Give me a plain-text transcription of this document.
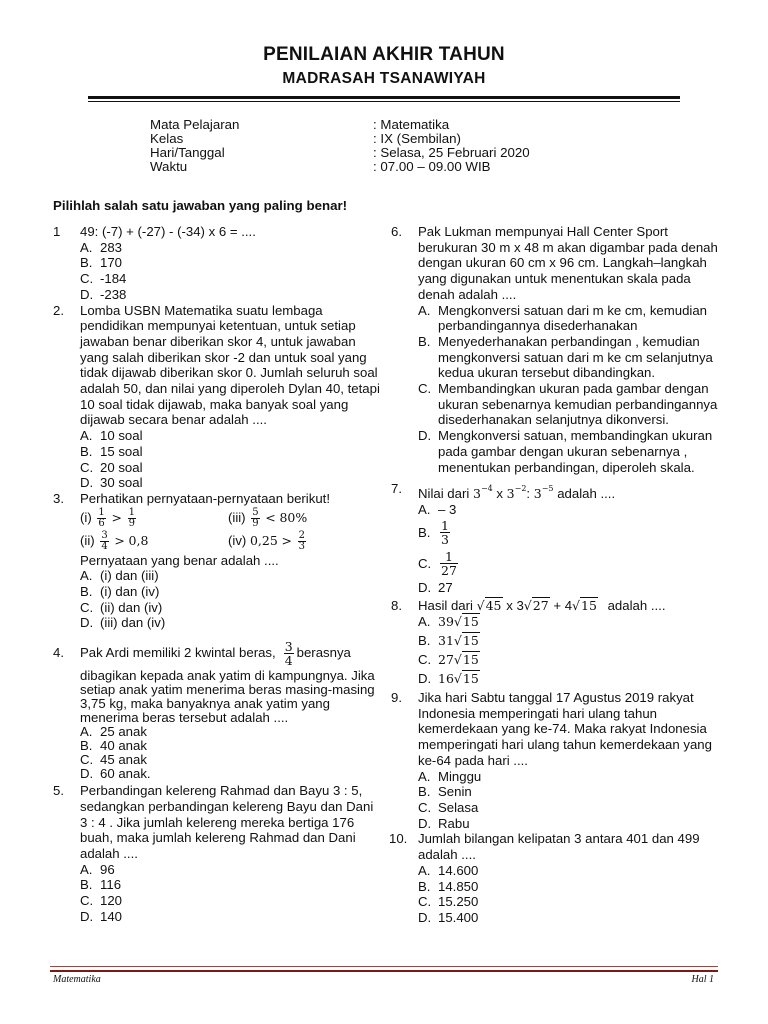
PENILAIAN AKHIR TAHUN
MADRASAH TSANAWIYAH
Mata Pelajaran	: Matematika
Kelas	: IX (Sembilan)
Hari/Tanggal	: Selasa, 25 Februari 2020
Waktu	: 07.00 – 09.00 WIB
Pilihlah salah satu jawaban yang paling benar!
1 49: (-7) + (-27) - (-34) x 6 = ....
A. 283
B. 170
C. -184
D. -238
2. Lomba USBN Matematika suatu lembaga pendidikan mempunyai ketentuan, untuk setiap jawaban benar diberikan skor 4, untuk jawaban yang salah diberikan skor -2 dan untuk soal yang tidak dijawab diberikan skor 0. Jumlah seluruh soal adalah 50, dan nilai yang diperoleh Dylan 40, tetapi 10 soal tidak dijawab, maka banyak soal yang dijawab secara benar adalah ....
A. 10 soal
B. 15 soal
C. 20 soal
D. 30 soal
3. Perhatikan pernyataan-pernyataan berikut!
$(i) \frac{1}{6} > \frac{1}{9}$	$(iii) \frac{5}{9} < 80\%$
$(ii) \frac{3}{4} > 0,8$	(iv) $0,25 > \frac{2}{3}$
Pernyataan yang benar adalah ....
A. (i) dan (iii)
B. (i) dan (iv)
C. (ii) dan (iv)
D. (iii) dan (iv)
4. Pak Ardi memiliki 2 kwintal beras, $\frac{3}{4}$ berasnya
dibagikan kepada anak yatim di kampungnya. Jika setiap anak yatim menerima beras masing-masing 3,75 kg, maka banyaknya anak yatim yang menerima beras tersebut adalah ....
A. 25 anak
B. 40 anak
C. 45 anak
D. 60 anak.
5. Perbandingan kelereng Rahmad dan Bayu 3 : 5, sedangkan perbandingan kelereng Bayu dan Dani 3 : 4 . Jika jumlah kelereng mereka bertiga 176 buah, maka jumlah kelereng Rahmad dan Dani adalah ....
A. 96
B. 116
C. 120
D. 140
6. Pak Lukman mempunyai Hall Center Sport berukuran 30 m x 48 m akan digambar pada denah dengan ukuran 60 cm x 96 cm. Langkah–langkah yang digunakan untuk menentukan skala pada denah adalah ....
A. Mengkonversi satuan dari m ke cm, kemudian perbandingannya disederhanakan
B. Menyederhanakan perbandingan , kemudian mengkonversi satuan dari m ke cm selanjutnya kedua ukuran tersebut dibandingkan.
C. Membandingkan ukuran pada gambar dengan ukuran sebenarnya kemudian perbandingannya disederhanakan selanjutnya dikonversi.
D. Mengkonversi satuan, membandingkan ukuran pada gambar dengan ukuran sebenarnya , menentukan perbandingan, diperoleh skala.
7. Nilai dari $3^{-4}$ x $3^{-2}$: $3^{-5}$ adalah ....
A. – 3
B. $\frac{1}{3}$
C. $\frac{1}{27}$
D. 27
8. Hasil dari √45 x 3√27 + 4√15 adalah ....
A. 39√15
B. 31√15
C. 27√15
D. 16√15
9. Jika hari Sabtu tanggal 17 Agustus 2019 rakyat Indonesia memperingati hari ulang tahun kemerdekaan yang ke-74. Maka rakyat Indonesia memperingati hari ulang tahun kemerdekaan yang ke-64 pada hari ....
A. Minggu
B. Senin
C. Selasa
D. Rabu
10. Jumlah bilangan kelipatan 3 antara 401 dan 499 adalah ....
A. 14.600
B. 14.850
C. 15.250
D. 15.400
Matematika	Hal 1
